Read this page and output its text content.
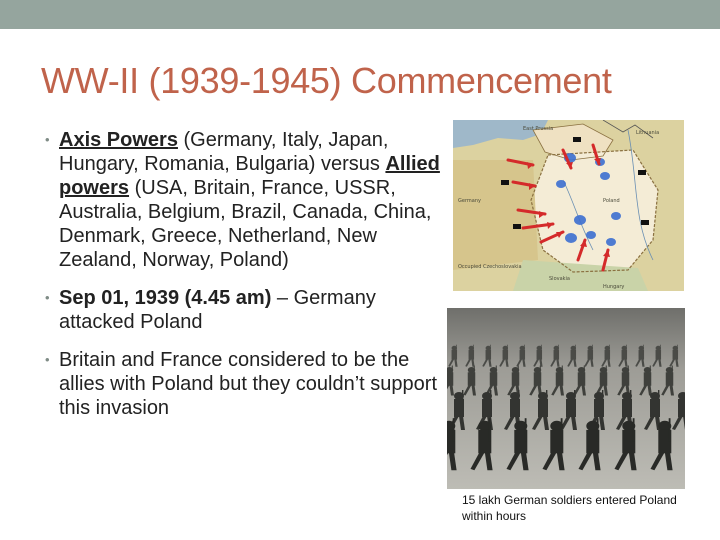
WW-II (1939-1945) Commencement
• Axis Powers (Germany, Italy, Japan, Hungary, Romania, Bulgaria) versus Allied powers (USA, Britain, France, USSR, Australia, Belgium, Brazil, Canada, China, Denmark, Greece, Netherland, New Zealand, Norway, Poland)
• Sep 01, 1939 (4.45 am) – Germany attacked Poland
• Britain and France considered to be the allies with Poland but they couldn’t support this invasion
East Prussia
Lithuania
Germany	Poland
Slovakia
Hungary
Occupied Czechoslovakia
15 lakh German soldiers entered Poland within hours
